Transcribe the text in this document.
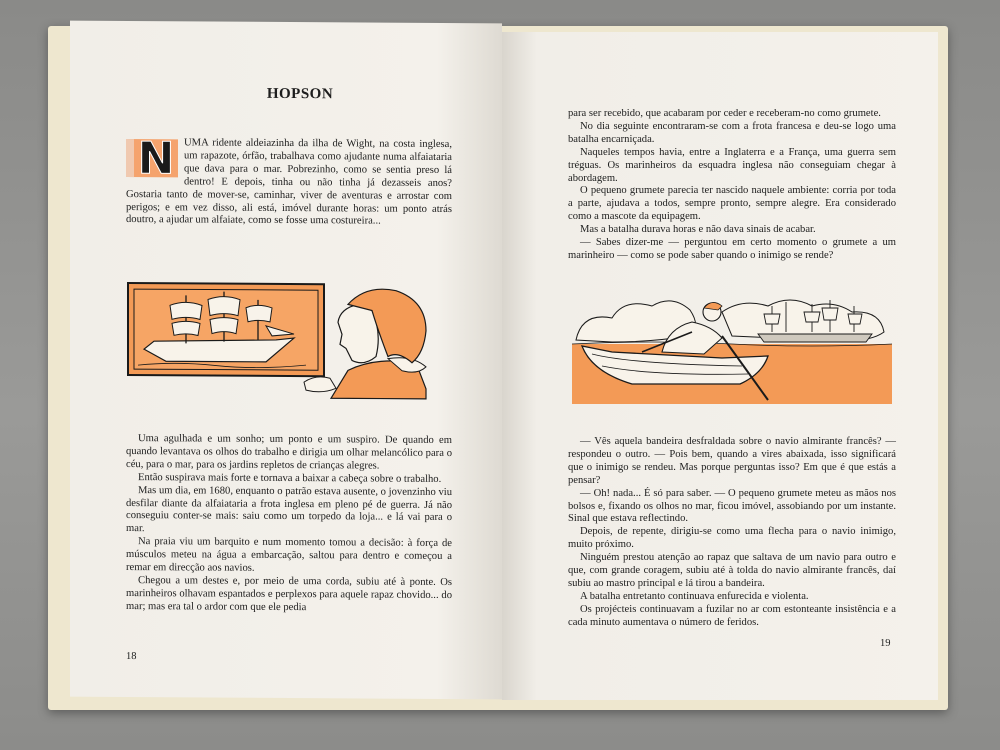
HOPSON
N UMA ridente aldeiazinha da ilha de Wight, na costa inglesa, um rapazote, órfão, trabalhava como ajudante numa alfaiataria que dava para o mar. Pobrezinho, como se sentia preso lá dentro! E depois, tinha ou não tinha já dezasseis anos? Gostaria tanto de mover-se, caminhar, viver de aventuras e arrostar com perigos; e em vez disso, ali está, imóvel durante horas: um ponto atrás doutro, a ajudar um alfaiate, como se fosse uma costureira...

Uma agulhada e um sonho; um ponto e um suspiro. De quando em quando levantava os olhos do trabalho e dirigia um olhar melancólico para o céu, para o mar, para os jardins repletos de crianças alegres.

Então suspirava mais forte e tornava a baixar a cabeça sobre o trabalho.

Mas um dia, em 1680, enquanto o patrão estava ausente, o jovenzinho viu desfilar diante da alfaiataria a frota inglesa em pleno pé de guerra. Já não conseguiu conter-se mais: saiu como um torpedo da loja... e lá vai para o mar.

Na praia viu um barquito e num momento tomou a decisão: à força de músculos meteu na água a embarcação, saltou para dentro e começou a remar em direcção aos navios.

Chegou a um destes e, por meio de uma corda, subiu até à ponte. Os marinheiros olhavam espantados e perplexos para aquele rapaz chovido... do mar; mas era tal o ardor com que ele pedia

18

para ser recebido, que acabaram por ceder e receberam-no como grumete.

No dia seguinte encontraram-se com a frota francesa e deu-se logo uma batalha encarniçada.

Naqueles tempos havia, entre a Inglaterra e a França, uma guerra sem tréguas. Os marinheiros da esquadra inglesa não conseguiam chegar à abordagem.

O pequeno grumete parecia ter nascido naquele ambiente: corria por toda a parte, ajudava a todos, sempre pronto, sempre alegre. Era considerado como a mascote da equipagem.

Mas a batalha durava horas e não dava sinais de acabar.

— Sabes dizer-me — perguntou em certo momento o grumete a um marinheiro — como se pode saber quando o inimigo se rende?

— Vês aquela bandeira desfraldada sobre o navio almirante francês? — respondeu o outro. — Pois bem, quando a vires abaixada, isso significará que o inimigo se rendeu. Mas porque perguntas isso? Em que é que estás a pensar?

— Oh! nada... É só para saber. — O pequeno grumete meteu as mãos nos bolsos e, fixando os olhos no mar, ficou imóvel, assobiando por um instante. Sinal que estava reflectindo.

Depois, de repente, dirigiu-se como uma flecha para o navio inimigo, muito próximo.

Ninguém prestou atenção ao rapaz que saltava de um navio para outro e que, com grande coragem, subiu até à tolda do navio almirante francês, daí subiu ao mastro principal e lá tirou a bandeira.

A batalha entretanto continuava enfurecida e violenta.

Os projécteis continuavam a fuzilar no ar com estonteante insistência e a cada minuto aumentava o número de feridos.

19
